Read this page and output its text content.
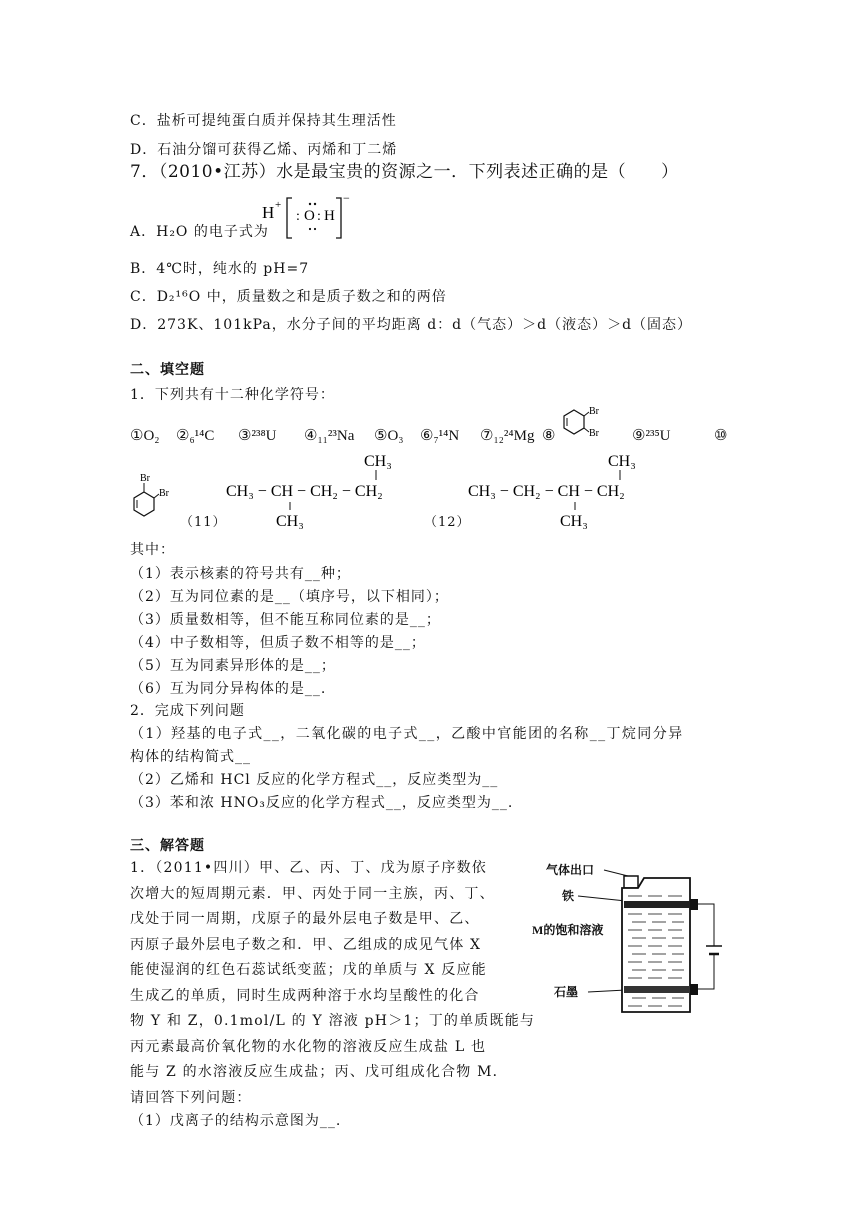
C．盐析可提纯蛋白质并保持其生理活性
D．石油分馏可获得乙烯、丙烯和丁二烯
7．（2010•江苏）水是最宝贵的资源之一．下列表述正确的是（　　）
A．H₂O 的电子式为
H +
: O : H
−
B．4℃时，纯水的 pH=7
C．D₂¹⁶O 中，质量数之和是质子数之和的两倍
D．273K、101kPa，水分子间的平均距离 d：d（气态）＞d（液态）＞d（固态）
二、填空题
1．下列共有十二种化学符号：
①O₂ ②₆¹⁴C ③²³⁸U ④₁₁²³Na ⑤O₃ ⑥₇¹⁴N ⑦₁₂²⁴Mg ⑧	⑨²³⁵U	⑩
Br
Br
Br
Br
（11）
CH₃
CH₃ − CH − CH₂ − CH₂
CH₃	（12）
CH₃
CH₃ − CH₂ − CH − CH₂
CH₃
其中：
（1）表示核素的符号共有__种；
（2）互为同位素的是__（填序号，以下相同）；
（3）质量数相等，但不能互称同位素的是__；
（4）中子数相等，但质子数不相等的是__；
（5）互为同素异形体的是__；
（6）互为同分异构体的是__.
2．完成下列问题
（1）羟基的电子式__，二氧化碳的电子式__，乙酸中官能团的名称__丁烷同分异
构体的结构简式__
（2）乙烯和 HCl 反应的化学方程式__，反应类型为__
（3）苯和浓 HNO₃反应的化学方程式__，反应类型为__.
三、解答题
1．（2011•四川）甲、乙、丙、丁、戊为原子序数依
次增大的短周期元素．甲、丙处于同一主族，丙、丁、
戊处于同一周期，戊原子的最外层电子数是甲、乙、
丙原子最外层电子数之和．甲、乙组成的成见气体 X
能使湿润的红色石蕊试纸变蓝；戊的单质与 X 反应能
生成乙的单质，同时生成两种溶于水均呈酸性的化合
物 Y 和 Z，0.1mol/L 的 Y 溶液 pH＞1；丁的单质既能与
丙元素最高价氧化物的水化物的溶液反应生成盐 L 也
能与 Z 的水溶液反应生成盐；丙、戊可组成化合物 M．
请回答下列问题：
（1）戊离子的结构示意图为__.
气体出口
铁
M的饱和溶液
石墨
